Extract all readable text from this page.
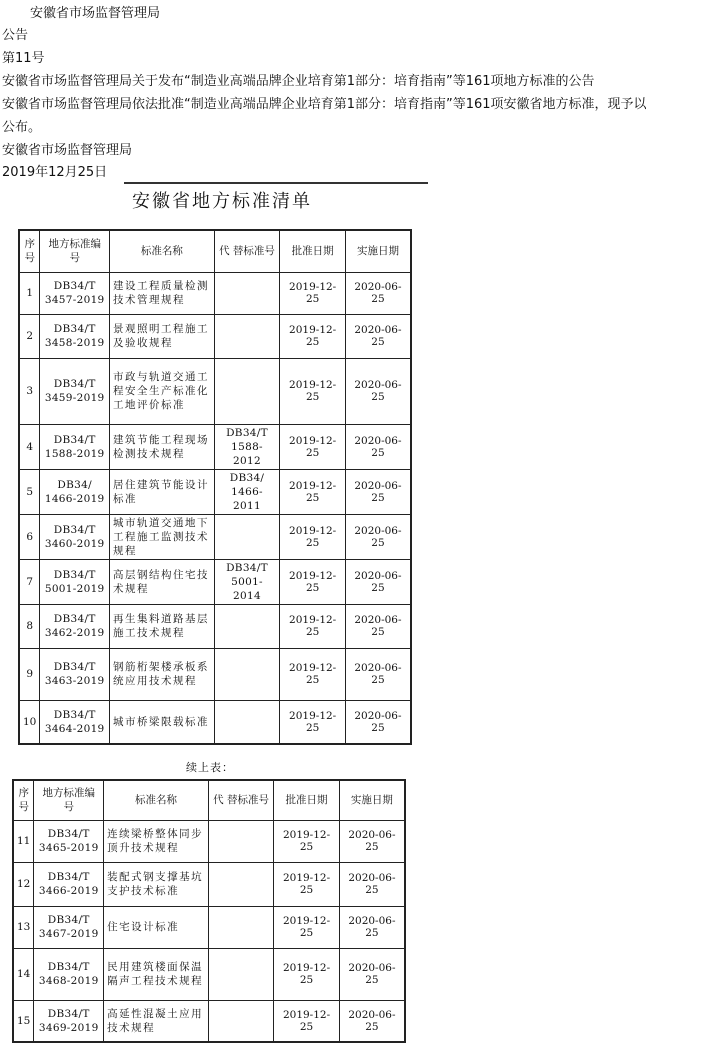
安徽省市场监督管理局
公告
第11号
安徽省市场监督管理局关于发布“制造业高端品牌企业培育第1部分：培育指南”等161项地方标准的公告
安徽省市场监督管理局依法批准“制造业高端品牌企业培育第1部分：培育指南”等161项安徽省地方标准，现予以
公布。
安徽省市场监督管理局
2019年12月25日
安徽省地方标准清单
序号	地方标准编 号	标准名称	代 替标准号	批准日期	实施日期
1	DB34/T 3457-2019	建设工程质量检测技术管理规程		2019-12-25	2020-06-25
2	DB34/T 3458-2019	景观照明工程施工及验收规程		2019-12-25	2020-06-25
3	DB34/T 3459-2019	市政与轨道交通工程安全生产标准化工地评价标准		2019-12-25	2020-06-25
4	DB34/T 1588-2019	建筑节能工程现场检测技术规程	DB34/T 1588-2012	2019-12-25	2020-06-25
5	DB34/ 1466-2019	居住建筑节能设计标准	DB34/ 1466-2011	2019-12-25	2020-06-25
6	DB34/T 3460-2019	城市轨道交通地下工程施工监测技术规程		2019-12-25	2020-06-25
7	DB34/T 5001-2019	高层钢结构住宅技术规程	DB34/T 5001-2014	2019-12-25	2020-06-25
8	DB34/T 3462-2019	再生集料道路基层施工技术规程		2019-12-25	2020-06-25
9	DB34/T 3463-2019	钢筋桁架楼承板系统应用技术规程		2019-12-25	2020-06-25
10	DB34/T 3464-2019	城市桥梁限载标准		2019-12-25	2020-06-25
续上表：
序号	地方标准编 号	标准名称	代 替标准号	批准日期	实施日期
11	DB34/T 3465-2019	连续梁桥整体同步顶升技术规程		2019-12-25	2020-06-25
12	DB34/T 3466-2019	装配式钢支撑基坑支护技术标准		2019-12-25	2020-06-25
13	DB34/T 3467-2019	住宅设计标准		2019-12-25	2020-06-25
14	DB34/T 3468-2019	民用建筑楼面保温隔声工程技术规程		2019-12-25	2020-06-25
15	DB34/T 3469-2019	高延性混凝土应用技术规程		2019-12-25	2020-06-25
